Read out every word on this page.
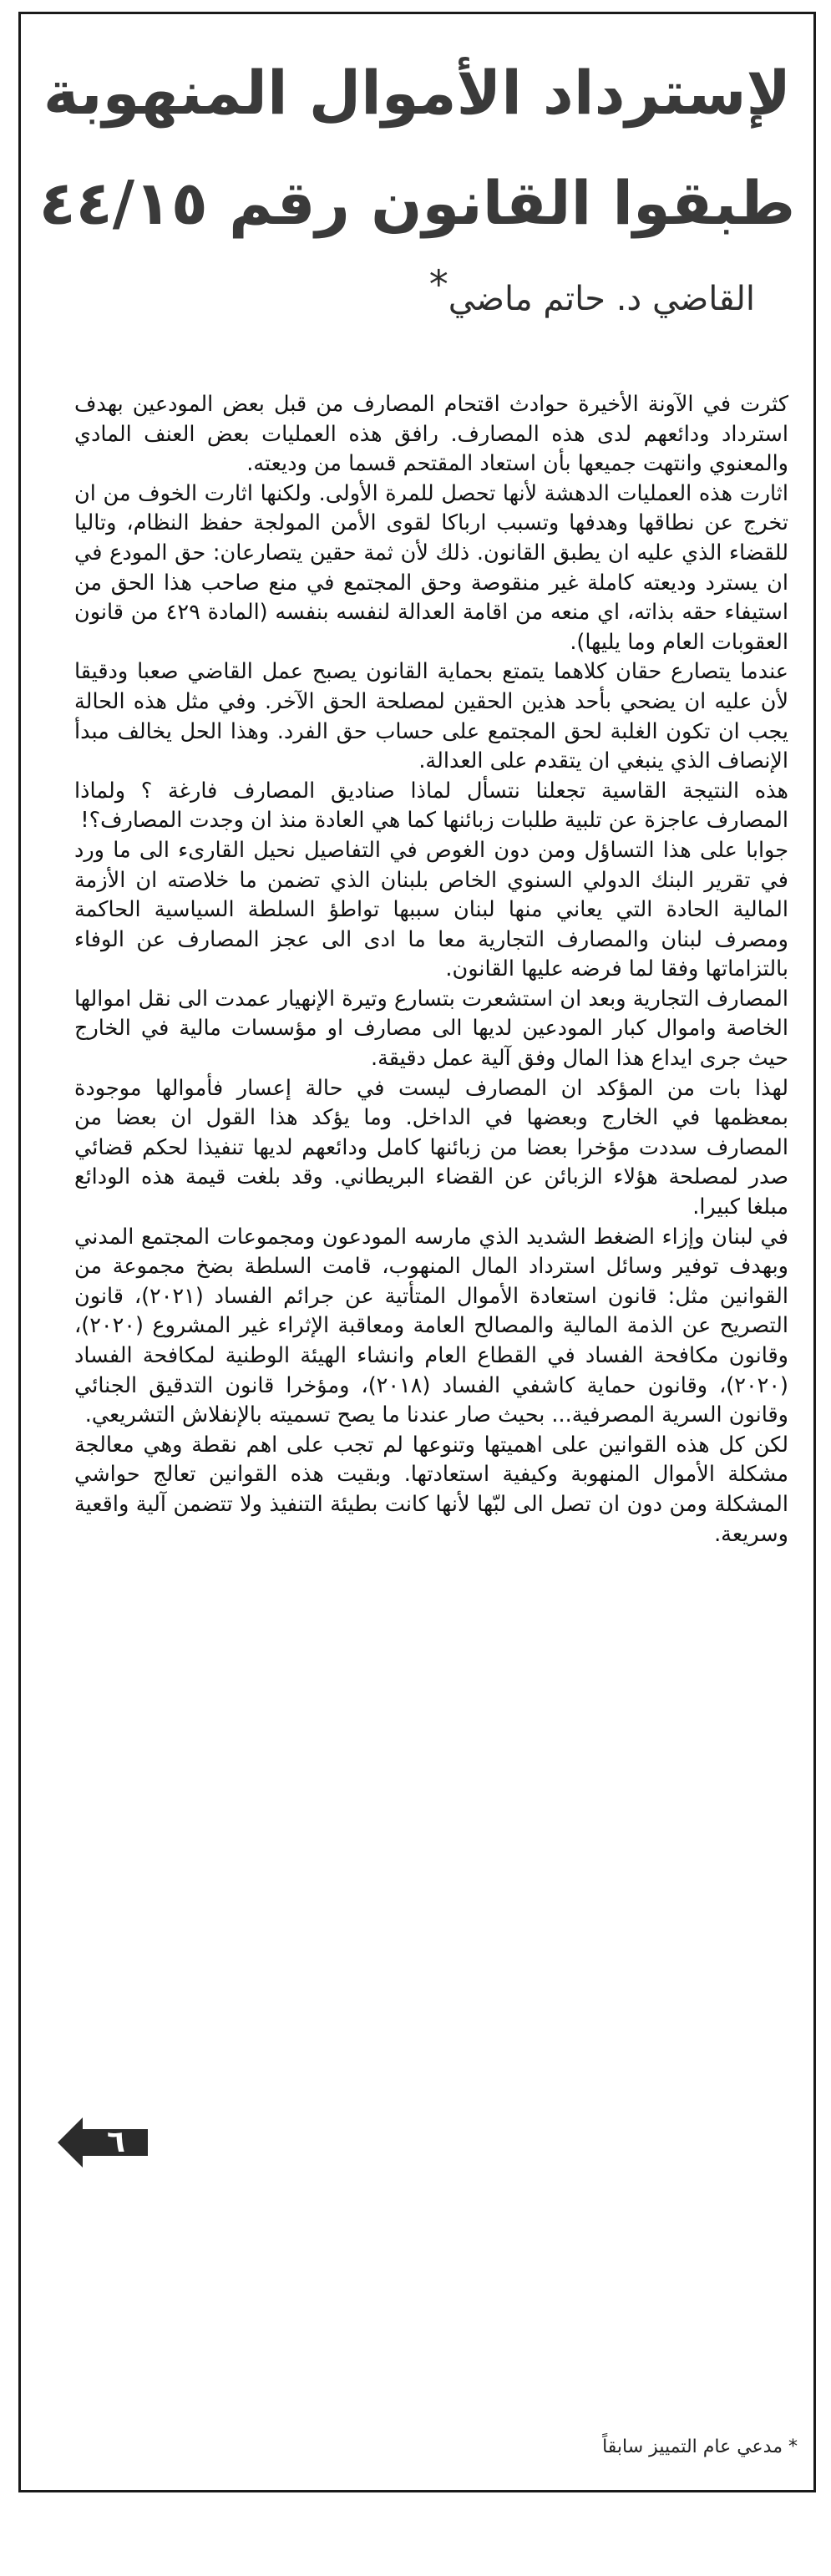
لإسترداد الأموال المنهوبة
طبقوا القانون رقم ٤٤/١٥
القاضي د. حاتم ماضي*

كثرت في الآونة الأخيرة حوادث اقتحام المصارف من قبل بعض المودعين بهدف استرداد ودائعهم لدى هذه المصارف. رافق هذه العمليات بعض العنف المادي والمعنوي وانتهت جميعها بأن استعاد المقتحم قسما من وديعته.

اثارت هذه العمليات الدهشة لأنها تحصل للمرة الأولى. ولكنها اثارت الخوف من ان تخرج عن نطاقها وهدفها وتسبب ارباكا لقوى الأمن المولجة حفظ النظام، وتاليا للقضاء الذي عليه ان يطبق القانون. ذلك لأن ثمة حقين يتصارعان: حق المودع في ان يسترد وديعته كاملة غير منقوصة وحق المجتمع في منع صاحب هذا الحق من استيفاء حقه بذاته، اي منعه من اقامة العدالة لنفسه بنفسه (المادة ٤٢٩ من قانون العقوبات العام وما يليها).

عندما يتصارع حقان كلاهما يتمتع بحماية القانون يصبح عمل القاضي صعبا ودقيقا لأن عليه ان يضحي بأحد هذين الحقين لمصلحة الحق الآخر. وفي مثل هذه الحالة يجب ان تكون الغلبة لحق المجتمع على حساب حق الفرد. وهذا الحل يخالف مبدأ الإنصاف الذي ينبغي ان يتقدم على العدالة.

هذه النتيجة القاسية تجعلنا نتسأل لماذا صناديق المصارف فارغة ؟ ولماذا المصارف عاجزة عن تلبية طلبات زبائنها كما هي العادة منذ ان وجدت المصارف؟!

جوابا على هذا التساؤل ومن دون الغوص في التفاصيل نحيل القارىء الى ما ورد في تقرير البنك الدولي السنوي الخاص بلبنان الذي تضمن ما خلاصته ان الأزمة المالية الحادة التي يعاني منها لبنان سببها تواطؤ السلطة السياسية الحاكمة ومصرف لبنان والمصارف التجارية معا ما ادى الى عجز المصارف عن الوفاء بالتزاماتها وفقا لما فرضه عليها القانون.

المصارف التجارية وبعد ان استشعرت بتسارع وتيرة الإنهيار عمدت الى نقل اموالها الخاصة واموال كبار المودعين لديها الى مصارف او مؤسسات مالية في الخارج حيث جرى ايداع هذا المال وفق آلية عمل دقيقة.

لهذا بات من المؤكد ان المصارف ليست في حالة إعسار فأموالها موجودة بمعظمها في الخارج وبعضها في الداخل. وما يؤكد هذا القول ان بعضا من المصارف سددت مؤخرا بعضا من زبائنها كامل ودائعهم لديها تنفيذا لحكم قضائي صدر لمصلحة هؤلاء الزبائن عن القضاء البريطاني. وقد بلغت قيمة هذه الودائع مبلغا كبيرا.

في لبنان وإزاء الضغط الشديد الذي مارسه المودعون ومجموعات المجتمع المدني وبهدف توفير وسائل استرداد المال المنهوب، قامت السلطة بضخ مجموعة من القوانين مثل: قانون استعادة الأموال المتأتية عن جرائم الفساد (٢٠٢١)، قانون التصريح عن الذمة المالية والمصالح العامة ومعاقبة الإثراء غير المشروع (٢٠٢٠)، وقانون مكافحة الفساد في القطاع العام وانشاء الهيئة الوطنية لمكافحة الفساد (٢٠٢٠)، وقانون حماية كاشفي الفساد (٢٠١٨)، ومؤخرا قانون التدقيق الجنائي وقانون السرية المصرفية... بحيث صار عندنا ما يصح تسميته بالإنفلاش التشريعي.

لكن كل هذه القوانين على اهميتها وتنوعها لم تجب على اهم نقطة وهي معالجة مشكلة الأموال المنهوبة وكيفية استعادتها. وبقيت هذه القوانين تعالج حواشي المشكلة ومن دون ان تصل الى لبّها لأنها كانت بطيئة التنفيذ ولا تتضمن آلية واقعية وسريعة.

٦
* مدعي عام التمييز سابقاً
